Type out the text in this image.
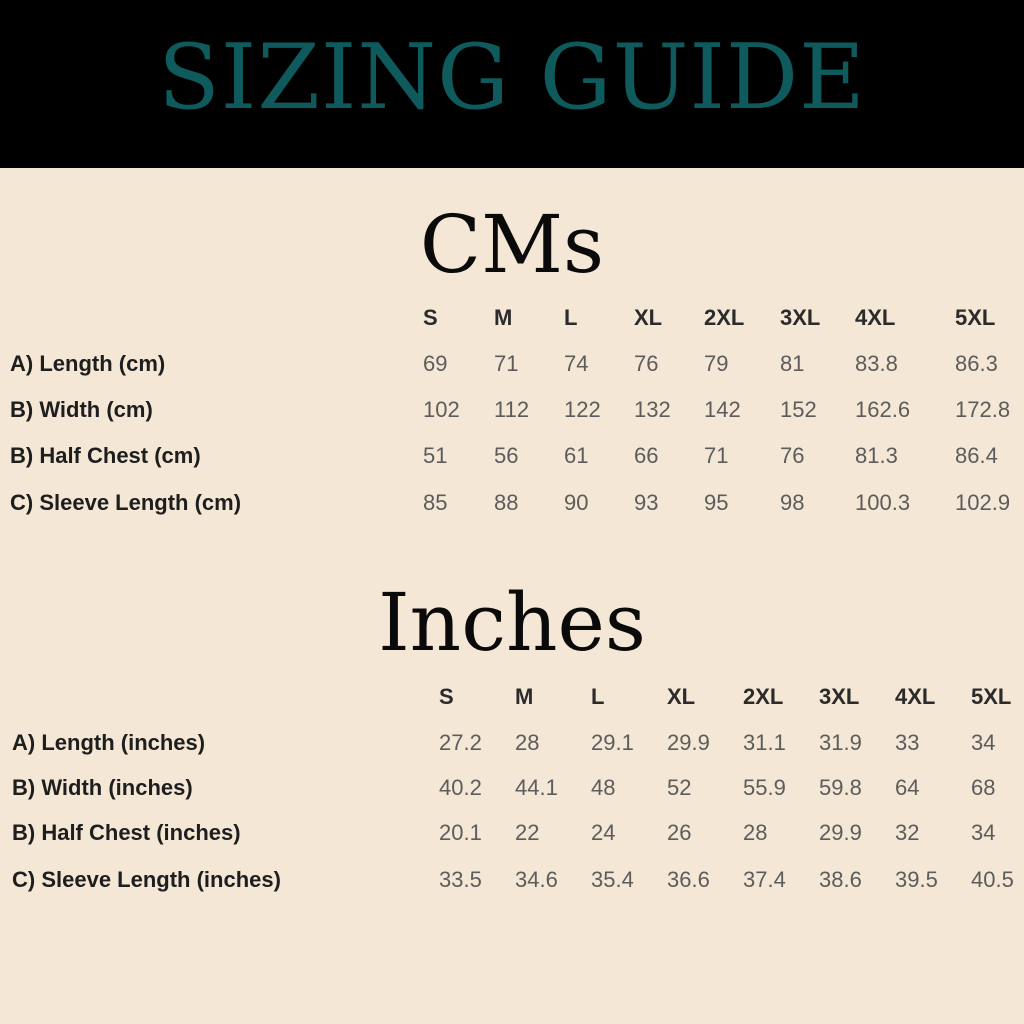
SIZING GUIDE
CMs
S	M L	XL 2XL 3XL 4XL	5XL
A) Length (cm)	69 71 74 76 79 81 83.8	86.3
B) Width (cm)	102 112 122 132 142 152 162.6 172.8
B) Half Chest (cm)	51 56 61 66 71 76 81.3	86.4
C) Sleeve Length (cm)	85 88 90 93 95 98 100.3 102.9
Inches
S	M	L	XL 2XL 3XL 4XL 5XL
A) Length (inches)	27.2 28 29.1 29.9 31.1 31.9 33 34
B) Width (inches)	40.2 44.1 48 52 55.9 59.8 64 68
B) Half Chest (inches)	20.1 22 24 26 28 29.9 32 34
C) Sleeve Length (inches)	33.5 34.6 35.4 36.6 37.4 38.6 39.5 40.5
